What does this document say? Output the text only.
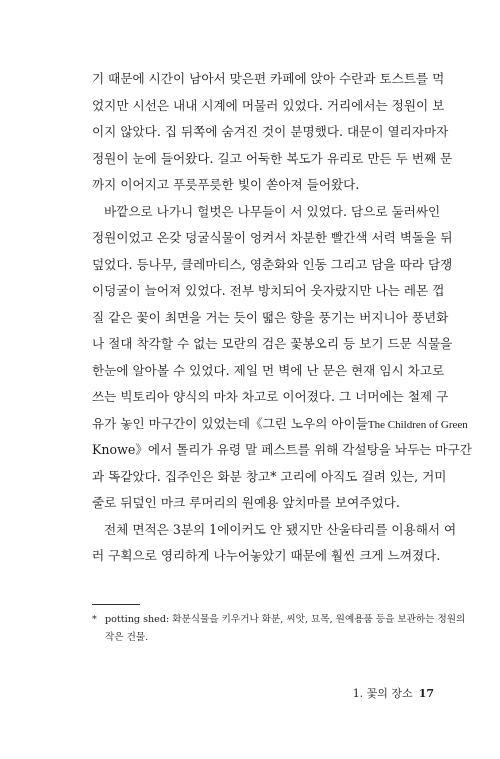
기 때문에 시간이 남아서 맞은편 카페에 앉아 수란과 토스트를 먹
었지만 시선은 내내 시계에 머물러 있었다. 거리에서는 정원이 보
이지 않았다. 집 뒤쪽에 숨겨진 것이 분명했다. 대문이 열리자마자
정원이 눈에 들어왔다. 길고 어둑한 복도가 유리로 만든 두 번째 문
까지 이어지고 푸릇푸릇한 빛이 쏟아져 들어왔다.
바깥으로 나가니 헐벗은 나무들이 서 있었다. 담으로 둘러싸인
정원이었고 온갖 덩굴식물이 엉켜서 차분한 빨간색 서력 벽돌을 뒤
덮었다. 등나무, 클레마티스, 영춘화와 인동 그리고 담을 따라 담쟁
이덩굴이 늘어져 있었다. 전부 방치되어 웃자랐지만 나는 레몬 껍
질 같은 꽃이 최면을 거는 듯이 뗣은 향을 풍기는 버지니아 풍년화
나 절대 착각할 수 없는 모란의 검은 꽃봉오리 등 보기 드문 식물을
한눈에 알아볼 수 있었다. 제일 먼 벽에 난 문은 현재 임시 차고로
쓰는 빅토리아 양식의 마차 차고로 이어졌다. 그 너머에는 철제 구
유가 놓인 마구간이 있었는데《그린 노우의 아이들The Children of Green
Knowe》에서 톨리가 유령 말 페스트를 위해 각설탕을 놔두는 마구간
과 똑같았다. 집주인은 화분 창고* 고리에 아직도 걸려 있는, 거미
줄로 뒤덮인 마크 루머리의 원예용 앞치마를 보여주었다.
전체 면적은 3분의 1에이커도 안 됐지만 산울타리를 이용해서 여
* potting shed: 화분식물을 키우거나 화분, 씨앗, 묘목, 원예용품 등을 보관하는 정원의
작은 건물.
1. 꽃의 장소 17
러 구획으로 영리하게 나누어놓았기 때문에 훨씬 크게 느껴졌다.
